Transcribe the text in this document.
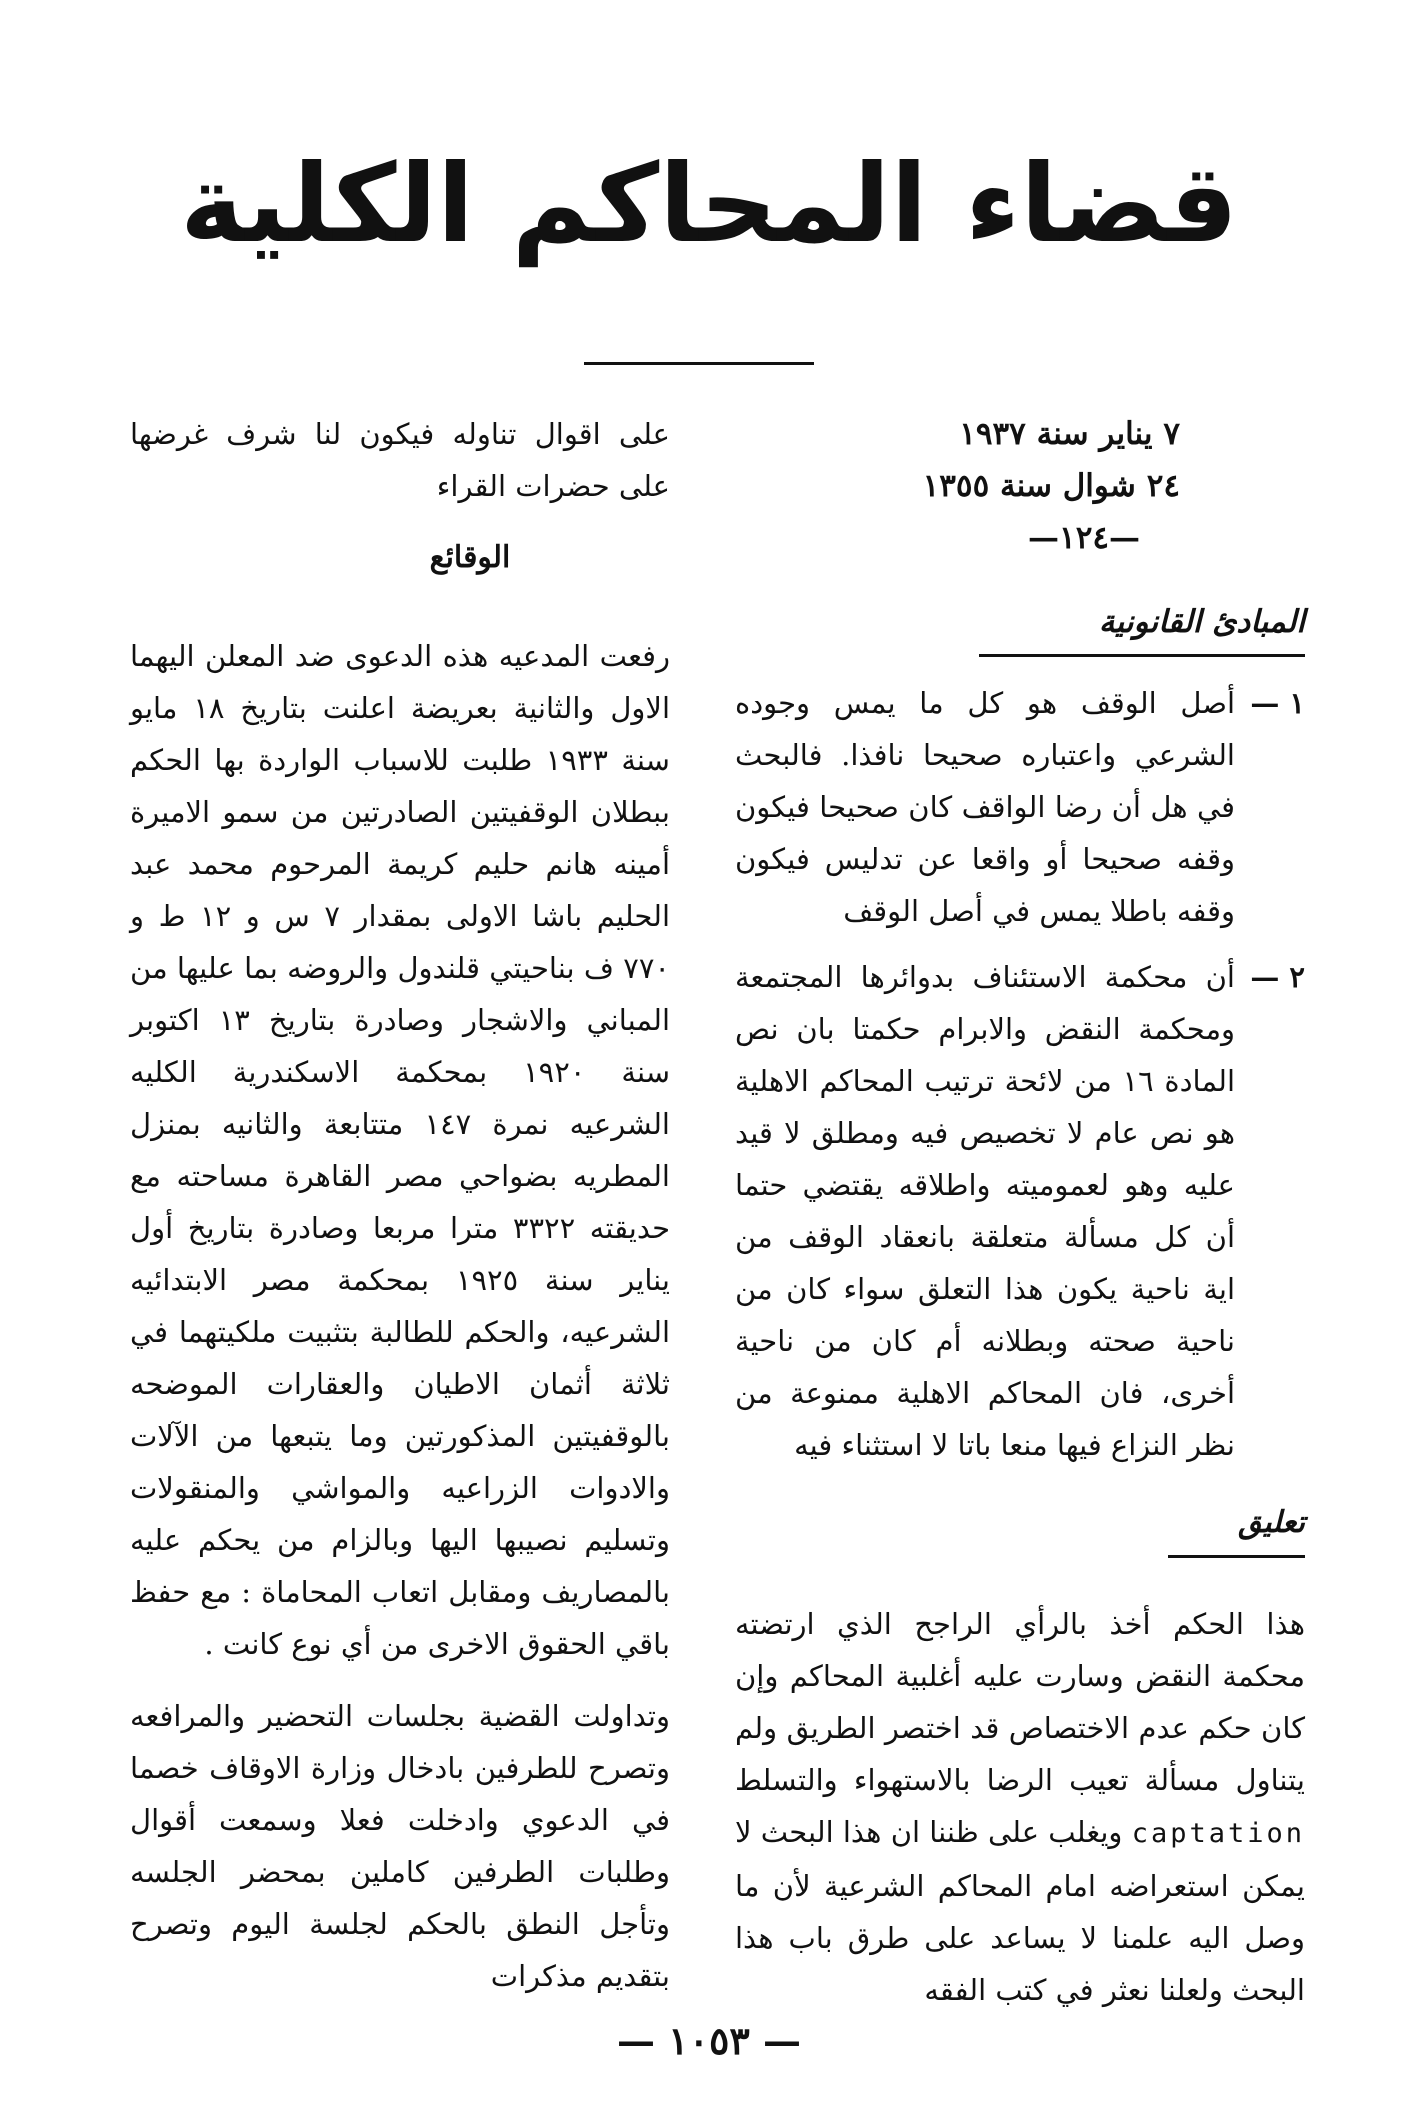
قضاء المحاكم الكلية
٧ يناير سنة ١٩٣٧
٢٤ شوال سنة ١٣٥٥
—١٢٤—
المبادئ القانونية
١ —
أصل الوقف هو كل ما يمس وجوده الشرعي واعتباره صحيحا نافذا. فالبحث في هل أن رضا الواقف كان صحيحا فيكون وقفه صحيحا أو واقعا عن تدليس فيكون وقفه باطلا يمس في أصل الوقف
٢ —
أن محكمة الاستئناف بدوائرها المجتمعة ومحكمة النقض والابرام حكمتا بان نص المادة ١٦ من لائحة ترتيب المحاكم الاهلية هو نص عام لا تخصيص فيه ومطلق لا قيد عليه وهو لعموميته واطلاقه يقتضي حتما أن كل مسألة متعلقة بانعقاد الوقف من اية ناحية يكون هذا التعلق سواء كان من ناحية صحته وبطلانه أم كان من ناحية أخرى، فان المحاكم الاهلية ممنوعة من نظر النزاع فيها منعا باتا لا استثناء فيه
تعليق

هذا الحكم أخذ بالرأي الراجح الذي ارتضته محكمة النقض وسارت عليه أغلبية المحاكم وإن كان حكم عدم الاختصاص قد اختصر الطريق ولم يتناول مسألة تعيب الرضا بالاستهواء والتسلط captation ويغلب على ظننا ان هذا البحث لا يمكن استعراضه امام المحاكم الشرعية لأن ما وصل اليه علمنا لا يساعد على طرق باب هذا البحث ولعلنا نعثر في كتب الفقه

على اقوال تناوله فيكون لنا شرف غرضها على حضرات القراء

الوقائع

رفعت المدعيه هذه الدعوى ضد المعلن اليهما الاول والثانية بعريضة اعلنت بتاريخ ١٨ مايو سنة ١٩٣٣ طلبت للاسباب الواردة بها الحكم ببطلان الوقفيتين الصادرتين من سمو الاميرة أمينه هانم حليم كريمة المرحوم محمد عبد الحليم باشا الاولى بمقدار ٧ س و ١٢ ط و ٧٧٠ ف بناحيتي قلندول والروضه بما عليها من المباني والاشجار وصادرة بتاريخ ١٣ اكتوبر سنة ١٩٢٠ بمحكمة الاسكندرية الكليه الشرعيه نمرة ١٤٧ متتابعة والثانيه بمنزل المطريه بضواحي مصر القاهرة مساحته مع حديقته ٣٣٢٢ مترا مربعا وصادرة بتاريخ أول يناير سنة ١٩٢٥ بمحكمة مصر الابتدائيه الشرعيه، والحكم للطالبة بتثبيت ملكيتهما في ثلاثة أثمان الاطيان والعقارات الموضحه بالوقفيتين المذكورتين وما يتبعها من الآلات والادوات الزراعيه والمواشي والمنقولات وتسليم نصيبها اليها وبالزام من يحكم عليه بالمصاريف ومقابل اتعاب المحاماة : مع حفظ باقي الحقوق الاخرى من أي نوع كانت .

وتداولت القضية بجلسات التحضير والمرافعه وتصرح للطرفين بادخال وزارة الاوقاف خصما في الدعوي وادخلت فعلا وسمعت أقوال وطلبات الطرفين كاملين بمحضر الجلسه وتأجل النطق بالحكم لجلسة اليوم وتصرح بتقديم مذكرات

— ١٠٥٣ —
